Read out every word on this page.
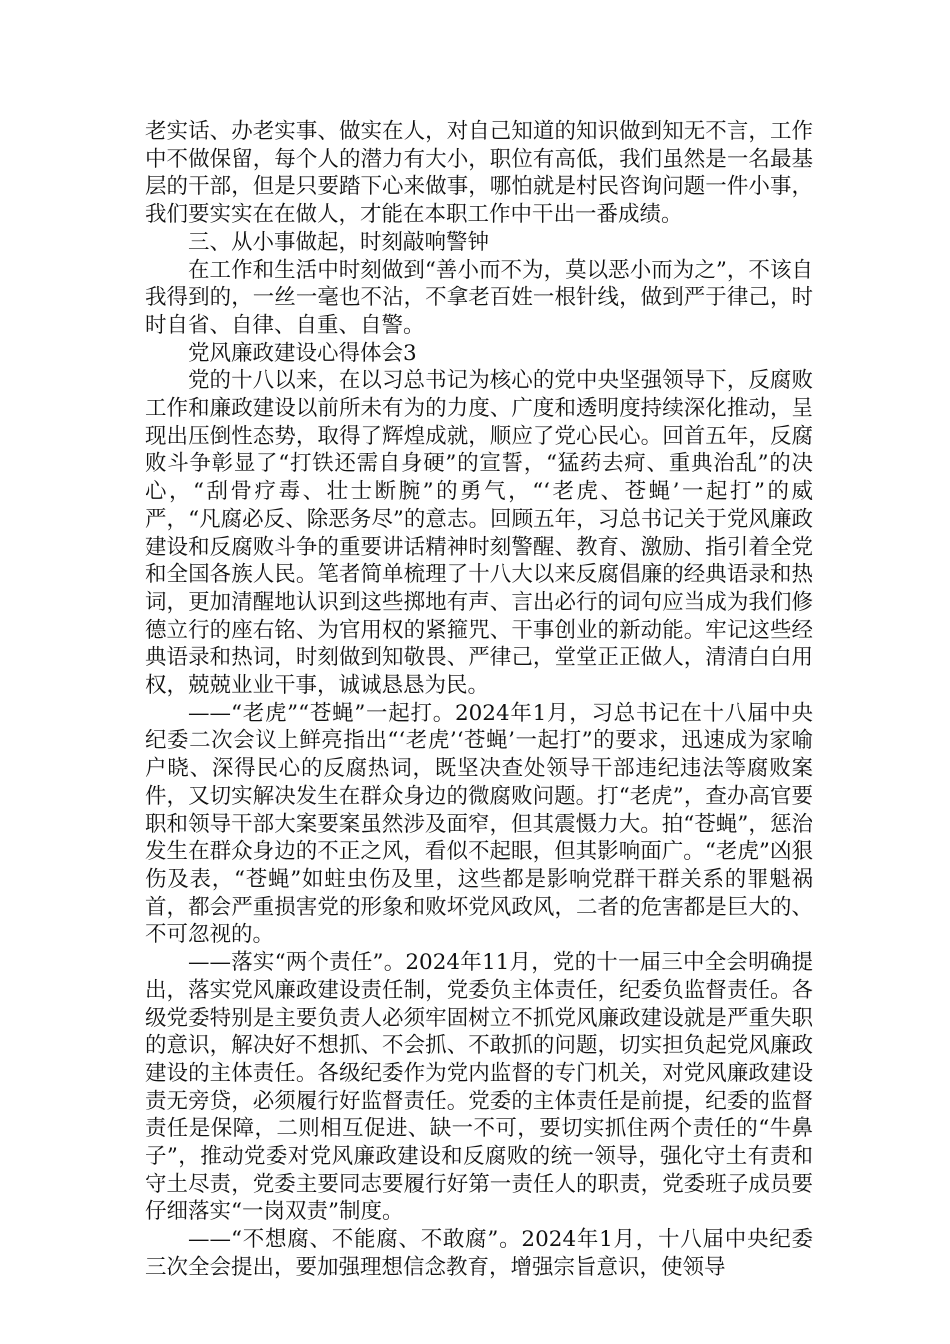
老实话、办老实事、做实在人，对自己知道的知识做到知无不言，工作中不做保留，每个人的潜力有大小，职位有高低，我们虽然是一名最基层的干部，但是只要踏下心来做事，哪怕就是村民咨询问题一件小事，我们要实实在在做人，才能在本职工作中干出一番成绩。

三、从小事做起，时刻敲响警钟

在工作和生活中时刻做到“善小而不为，莫以恶小而为之”，不该自我得到的，一丝一毫也不沾，不拿老百姓一根针线，做到严于律己，时时自省、自律、自重、自警。

党风廉政建设心得体会3

党的十八以来，在以习总书记为核心的党中央坚强领导下，反腐败工作和廉政建设以前所未有为的力度、广度和透明度持续深化推动，呈现出压倒性态势，取得了辉煌成就，顺应了党心民心。回首五年，反腐败斗争彰显了“打铁还需自身硬”的宣誓，“猛药去疴、重典治乱”的决心，“刮骨疗毒、壮士断腕”的勇气，“‘老虎、苍蝇’一起打”的威严，“凡腐必反、除恶务尽”的意志。回顾五年，习总书记关于党风廉政建设和反腐败斗争的重要讲话精神时刻警醒、教育、激励、指引着全党和全国各族人民。笔者简单梳理了十八大以来反腐倡廉的经典语录和热词，更加清醒地认识到这些掷地有声、言出必行的词句应当成为我们修德立行的座右铭、为官用权的紧箍咒、干事创业的新动能。牢记这些经典语录和热词，时刻做到知敬畏、严律己，堂堂正正做人，清清白白用权，兢兢业业干事，诚诚恳恳为民。

——“老虎”“苍蝇”一起打。2024年1月，习总书记在十八届中央纪委二次会议上鲜亮指出“‘老虎’‘苍蝇’一起打”的要求，迅速成为家喻户晓、深得民心的反腐热词，既坚决查处领导干部违纪违法等腐败案件，又切实解决发生在群众身边的微腐败问题。打“老虎”，查办高官要职和领导干部大案要案虽然涉及面窄，但其震慑力大。拍“苍蝇”，惩治发生在群众身边的不正之风，看似不起眼，但其影响面广。“老虎”凶狠伤及表，“苍蝇”如蛀虫伤及里，这些都是影响党群干群关系的罪魁祸首，都会严重损害党的形象和败坏党风政风，二者的危害都是巨大的、不可忽视的。

——落实“两个责任”。2024年11月，党的十一届三中全会明确提出，落实党风廉政建设责任制，党委负主体责任，纪委负监督责任。各级党委特别是主要负责人必须牢固树立不抓党风廉政建设就是严重失职的意识，解决好不想抓、不会抓、不敢抓的问题，切实担负起党风廉政建设的主体责任。各级纪委作为党内监督的专门机关，对党风廉政建设责无旁贷，必须履行好监督责任。党委的主体责任是前提，纪委的监督责任是保障，二则相互促进、缺一不可，要切实抓住两个责任的“牛鼻子”，推动党委对党风廉政建设和反腐败的统一领导，强化守土有责和守土尽责，党委主要同志要履行好第一责任人的职责，党委班子成员要仔细落实“一岗双责”制度。

——“不想腐、不能腐、不敢腐”。2024年1月，十八届中央纪委三次全会提出，要加强理想信念教育，增强宗旨意识，使领导
